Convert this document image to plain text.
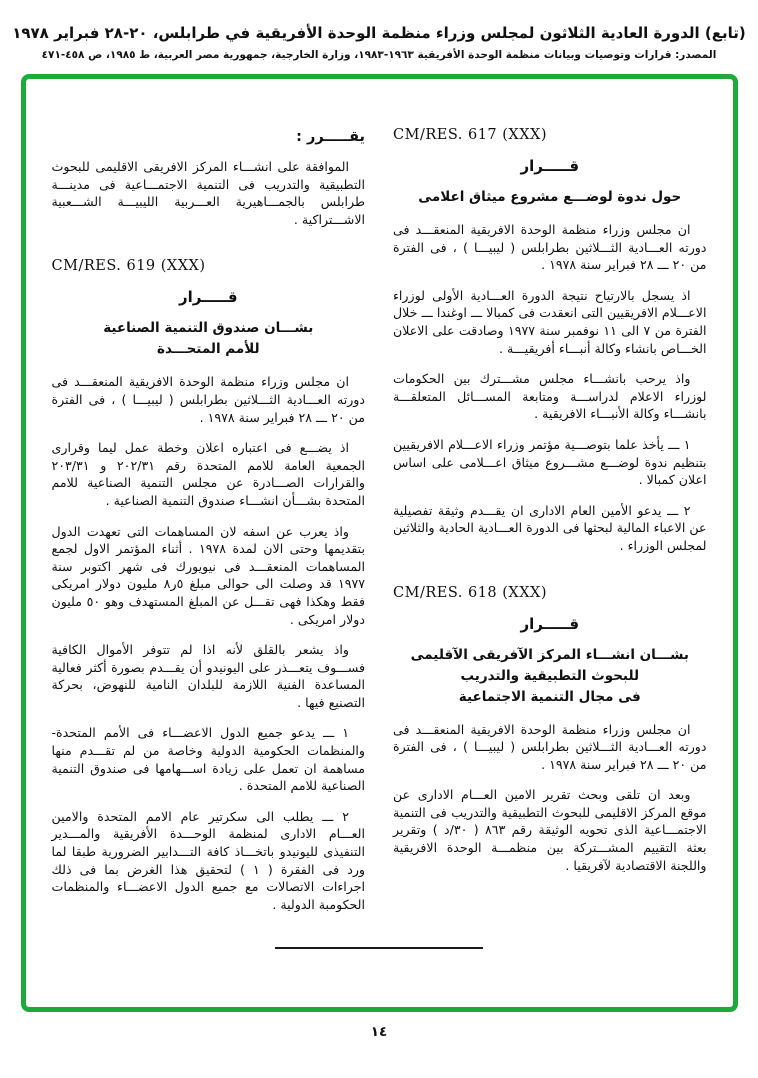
(تابع) الدورة العادية الثلاثون لمجلس وزراء منظمة الوحدة الأفريقية في طرابلس، ٢٠-٢٨ فبراير ١٩٧٨
المصدر: قرارات وتوصيات وبيانات منظمة الوحدة الأفريقية ١٩٦٣-١٩٨٣، وزارة الخارجية، جمهورية مصر العربية، ط ١٩٨٥، ص ٤٥٨-٤٧١
CM/RES. 617 (XXX)
قـــــرار
حول ندوة لوضـــع مشروع ميثاق اعلامى
ان مجلس وزراء منظمة الوحدة الافريقية المنعقـــد فى دورته العـــادية الثـــلاثين بطرابلس ( ليبيـــا ) ، فى الفترة من ٢٠ ـــ ٢٨ فبراير سنة ١٩٧٨ .
اذ يسجل بالارتياح نتيجة الدورة العـــادية الأولى لوزراء الاعـــلام الافريقيين التى انعقدت فى كمبالا ـــ اوغندا ـــ خلال الفترة من ٧ الى ١١ نوفمبر سنة ١٩٧٧ وصادقت على الاعلان الخـــاص بانشاء وكالة أنبـــاء أفريقيـــة .
واذ يرحب بانشـــاء مجلس مشـــترك بين الحكومات لوزراء الاعلام لدراســـة ومتابعة المســـائل المتعلقـــة بانشـــاء وكالة الأنبـــاء الافريقية .
١ ـــ يأخذ علما بتوصـــية مؤتمر وزراء الاعـــلام الافريقيين بتنظيم ندوة لوضـــع مشـــروع ميثاق اعـــلامى على اساس اعلان كمبالا .
٢ ـــ يدعو الأمين العام الادارى ان يقـــدم وثيقة تفصيلية عن الاعباء المالية لبحثها فى الدورة العـــادية الحادية والثلاثين لمجلس الوزراء .
CM/RES. 618 (XXX)
قـــــرار
بشـــان انشـــاء المركز الآفريقى الآقليمى
للبحوث التطبيقية والتدريب
فى مجال التنمية الاجتماعية
ان مجلس وزراء منظمة الوحدة الافريقية المنعقـــد فى دورته العـــادية الثـــلاثين بطرابلس ( ليبيـــا ) ، فى الفترة من ٢٠ ـــ ٢٨ فبراير سنة ١٩٧٨ .
وبعد ان تلقى وبحث تقرير الامين العـــام الادارى عن موقع المركز الاقليمى للبحوث التطبيقية والتدريب فى التنمية الاجتمـــاعية الذى تحويه الوثيقة رقم ٨٦٣ ( ٣٠/د ) وتقرير بعثة التقييم المشـــتركة بين منظمـــة الوحدة الافريقية واللجنة الاقتصادية لآفريقيا .
يقـــــرر :
الموافقة على انشـــاء المركز الافريقى الاقليمى للبحوث التطبيقية والتدريب فى التنمية الاجتمـــاعية فى مدينـــة طرابلس بالجمـــاهيرية العـــربية الليبيـــة الشـــعبية الاشـــتراكية .
CM/RES. 619 (XXX)
قـــــرار
بشـــان صندوق التنمية الصناعية
للأمم المتحـــدة
ان مجلس وزراء منظمة الوحدة الافريقية المنعقـــد فى دورته العـــادية الثـــلاثين بطرابلس ( ليبيـــا ) ، فى الفترة من ٢٠ ـــ ٢٨ فبراير سنة ١٩٧٨ .
اذ يضـــع فى اعتباره اعلان وخطة عمل ليما وقرارى الجمعية العامة للامم المتحدة رقم ٢٠٢/٣١ و ٢٠٣/٣١ والقرارات الصـــادرة عن مجلس التنمية الصناعية للامم المتحدة بشـــأن انشـــاء صندوق التنمية الصناعية .
واذ يعرب عن اسفه لان المساهمات التى تعهدت الدول بتقديمها وحتى الان لمدة ١٩٧٨ . أثناء المؤتمر الاول لجمع المساهمات المنعقـــد فى نيويورك فى شهر اكتوبر سنة ١٩٧٧ قد وصلت الى حوالى مبلغ ٥ر٨ مليون دولار امريكى فقط وهكذا فهى تقـــل عن المبلغ المستهدف وهو ٥٠ مليون دولار امريكى .
واذ يشعر بالقلق لأنه اذا لم تتوفر الأموال الكافية فســـوف يتعـــذر على اليونيدو أن يقـــدم بصورة أكثر فعالية المساعدة الفنية اللازمة للبلدان النامية للنهوض، بحركة التصنيع فيها .
١ ـــ يدعو جميع الدول الاعضـــاء فى الأمم المتحدة- والمنظمات الحكومية الدولية وخاصة من لم تقـــدم منها مساهمة ان تعمل على زيادة اســـهامها فى صندوق التنمية الصناعية للامم المتحدة .
٢ ـــ يطلب الى سكرتير عام الامم المتحدة والامين العـــام الادارى لمنظمة الوحـــدة الأفريقية والمـــدير التنفيذى لليونيدو باتخـــاذ كافة التـــدابير الضرورية طبقا لما ورد فى الفقرة ( ١ ) لتحقيق هذا الغرض بما فى ذلك اجراءات الاتصالات مع جميع الدول الاعضـــاء والمنظمات الحكومبة الدولية .
١٤
